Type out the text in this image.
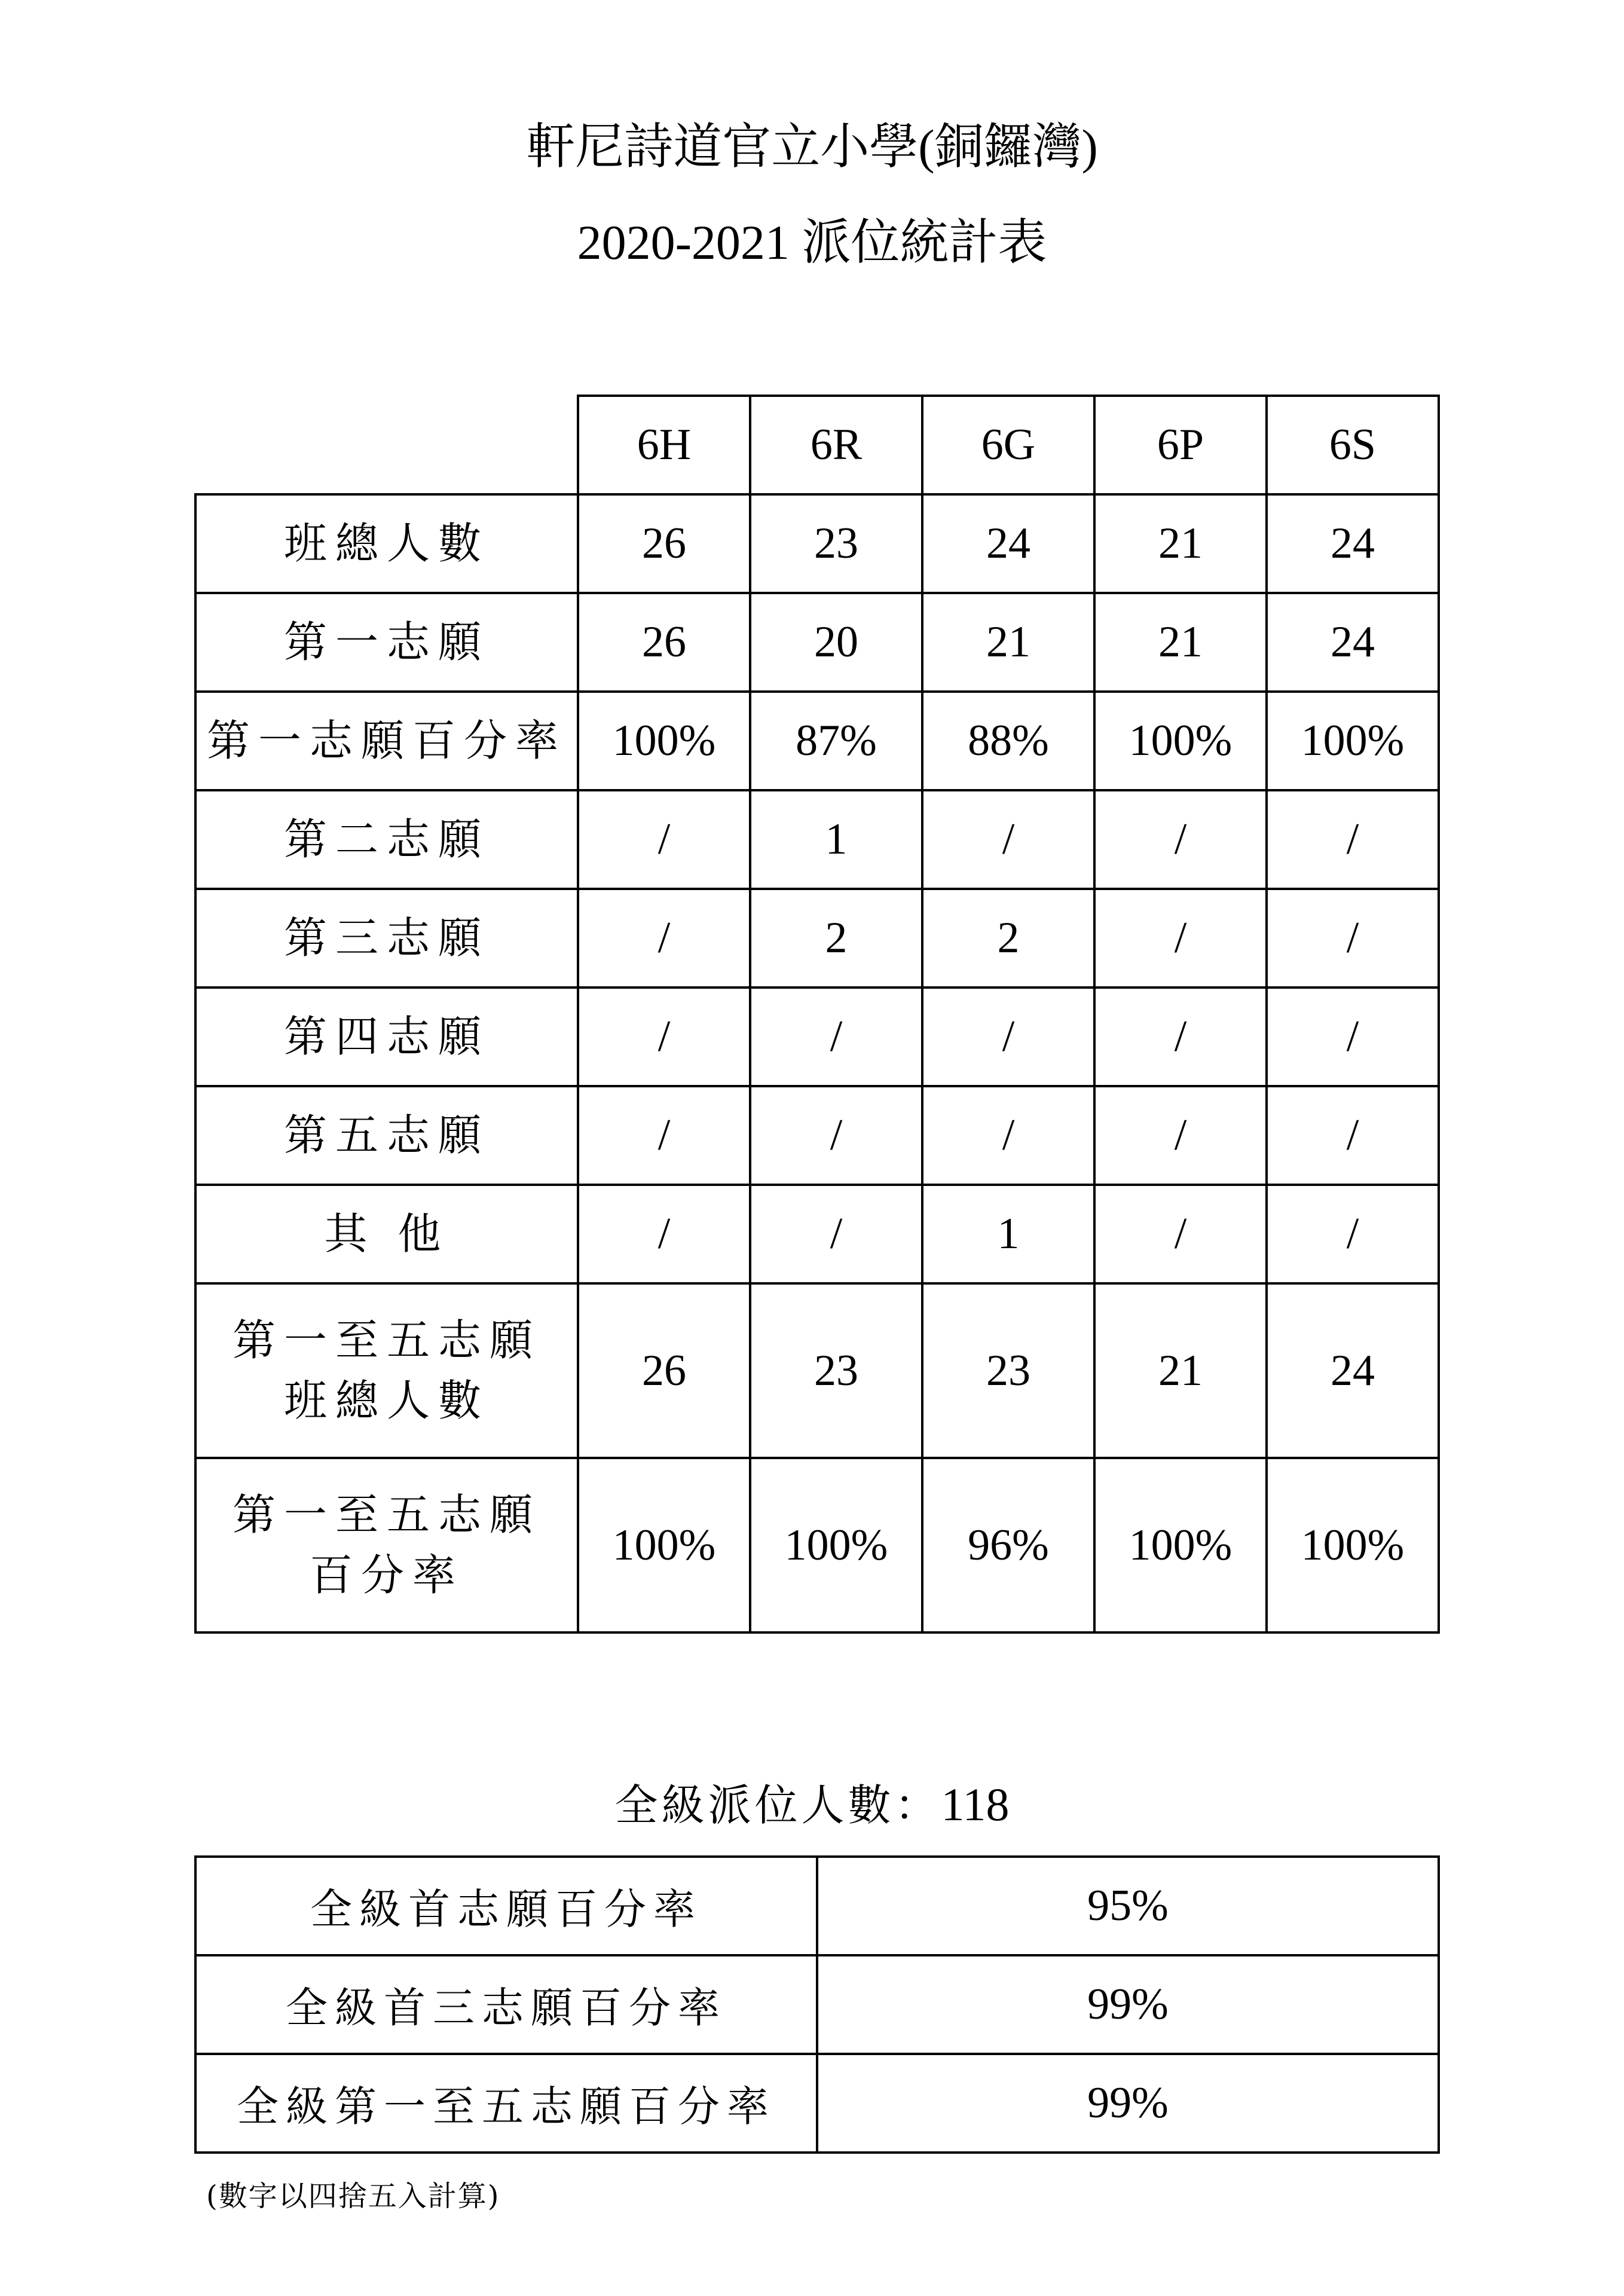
軒尼詩道官立小學(銅鑼灣)
2020-2021 派位統計表
	6H	6R	6G	6P	6S

班總人數	26	23	24	21	24

第一志願	26	20	21	21	24

第一志願百分率	100%	87%	88%	100%	100%

第二志願	/	1	/	/	/

第三志願	/	2	2	/	/

第四志願	/	/	/	/	/

第五志願	/	/	/	/	/

其 他	/	/	1	/	/

第一至五志願
班總人數	26	23	23	21	24

第一至五志願
百分率	100%	100%	96%	100%	100%
全級派位人數：118
全級首志願百分率	95%
全級首三志願百分率	99%
全級第一至五志願百分率	99%
(數字以四捨五入計算)
